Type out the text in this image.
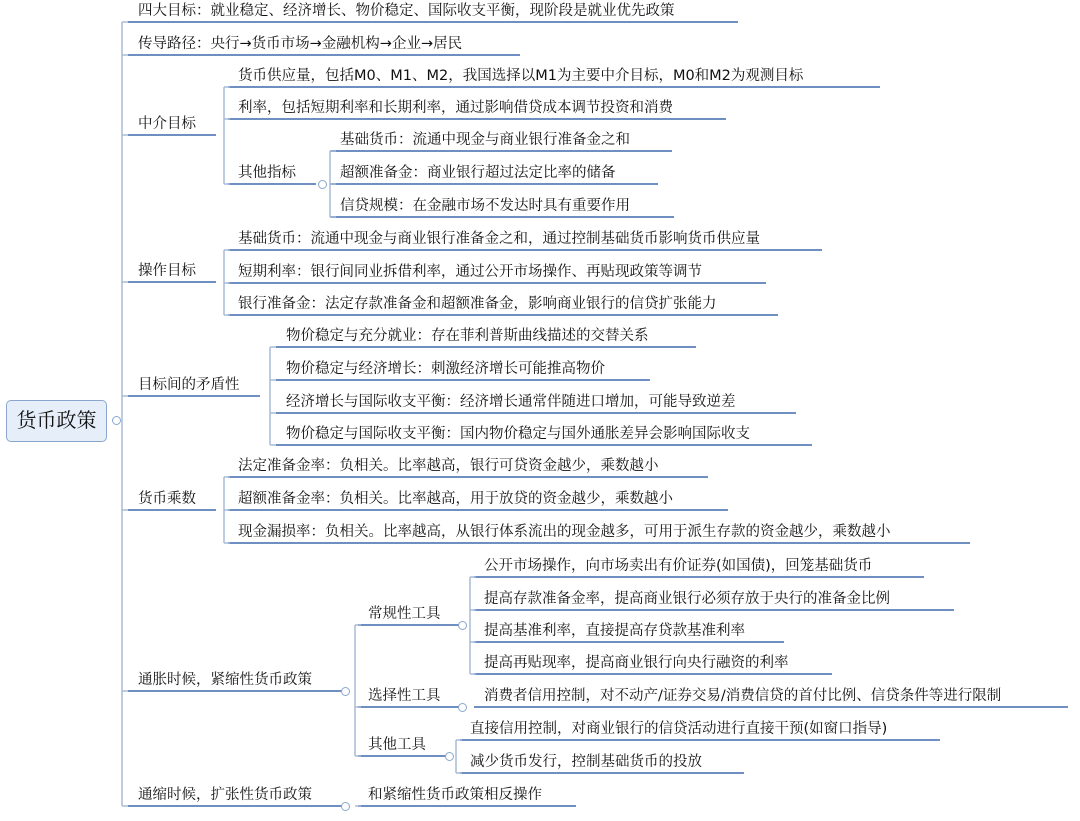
货币政策
四大目标：就业稳定、经济增长、物价稳定、国际收支平衡，现阶段是就业优先政策
传导路径：央行→货币市场→金融机构→企业→居民
中介目标
货币供应量，包括M0、M1、M2，我国选择以M1为主要中介目标，M0和M2为观测目标
利率，包括短期利率和长期利率，通过影响借贷成本调节投资和消费
其他指标
基础货币：流通中现金与商业银行准备金之和
超额准备金：商业银行超过法定比率的储备
信贷规模：在金融市场不发达时具有重要作用
操作目标
基础货币：流通中现金与商业银行准备金之和，通过控制基础货币影响货币供应量
短期利率：银行间同业拆借利率，通过公开市场操作、再贴现政策等调节
银行准备金：法定存款准备金和超额准备金，影响商业银行的信贷扩张能力
目标间的矛盾性
物价稳定与充分就业：存在菲利普斯曲线描述的交替关系
物价稳定与经济增长：刺激经济增长可能推高物价
经济增长与国际收支平衡：经济增长通常伴随进口增加，可能导致逆差
物价稳定与国际收支平衡：国内物价稳定与国外通胀差异会影响国际收支
货币乘数
法定准备金率：负相关。比率越高，银行可贷资金越少，乘数越小
超额准备金率：负相关。比率越高，用于放贷的资金越少，乘数越小
现金漏损率：负相关。比率越高，从银行体系流出的现金越多，可用于派生存款的资金越少，乘数越小
通胀时候，紧缩性货币政策
常规性工具
公开市场操作，向市场卖出有价证券(如国债)，回笼基础货币
提高存款准备金率，提高商业银行必须存放于央行的准备金比例
提高基准利率，直接提高存贷款基准利率
提高再贴现率，提高商业银行向央行融资的利率
选择性工具	消费者信用控制，对不动产/证券交易/消费信贷的首付比例、信贷条件等进行限制
其他工具
直接信用控制，对商业银行的信贷活动进行直接干预(如窗口指导)
减少货币发行，控制基础货币的投放
通缩时候，扩张性货币政策	和紧缩性货币政策相反操作
